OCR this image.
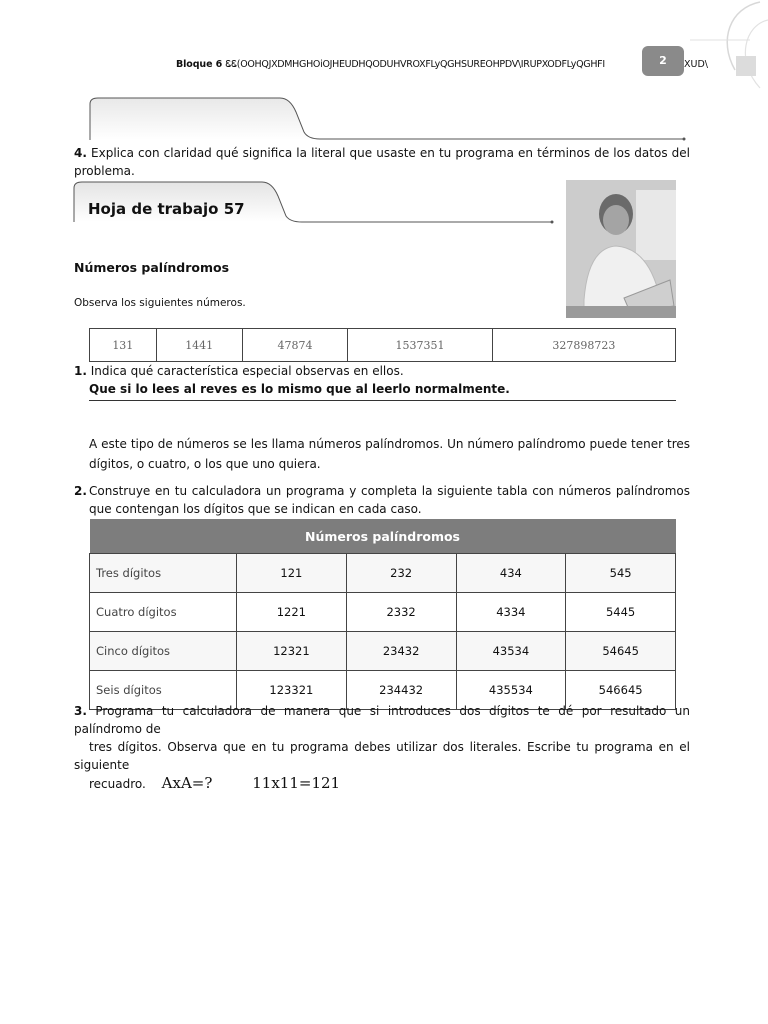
Bloque 6 ᏋᏋ(OOHQJXDMHGHOiOJHEUDHQODUHVROXFLyQGHSUREOHPDV\IRUPXODFLyQGHFI	2	XUD\
4. Explica con claridad qué significa la literal que usaste en tu programa en términos de los datos del problema.
Hoja de trabajo 57
Números palíndromos
Observa los siguientes números.
131	1441	47874	1537351	327898723
1. Indica qué característica especial observas en ellos.
Que si lo lees al reves es lo mismo que al leerlo normalmente.
A este tipo de números se les llama números palíndromos. Un número palíndromo puede tener tres dígitos, o cuatro, o los que uno quiera.
2. Construye en tu calculadora un programa y completa la siguiente tabla con números palíndromos que contengan los dígitos que se indican en cada caso.
Números palíndromos				
Tres dígitos	121	232	434	545
Cuatro dígitos	1221	2332	4334	5445
Cinco dígitos	12321	23432	43534	54645
Seis dígitos	123321	234432	435534	546645
3. Programa tu calculadora de manera que si introduces dos dígitos te dé por resultado un palíndromo de
tres dígitos. Observa que en tu programa debes utilizar dos literales. Escribe tu programa en el siguiente
recuadro. AxA=?	11x11=121
